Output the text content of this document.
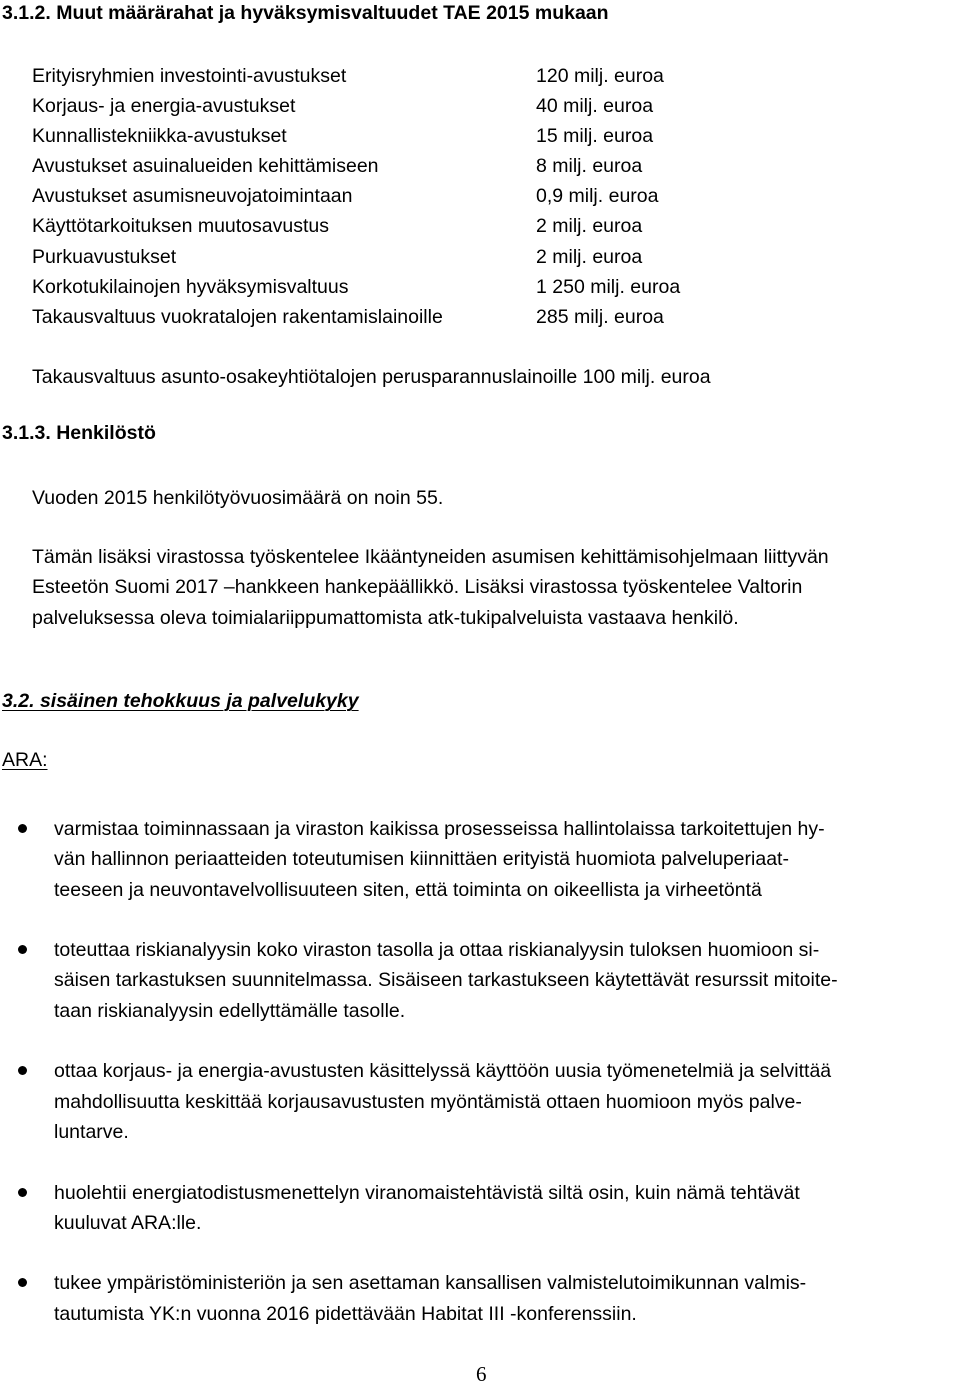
3.1.2. Muut määrärahat ja hyväksymisvaltuudet TAE 2015 mukaan
Erityisryhmien investointi-avustukset	120 milj. euroa
Korjaus- ja energia-avustukset	40 milj. euroa
Kunnallistekniikka-avustukset	15 milj. euroa
Avustukset asuinalueiden kehittämiseen	8 milj. euroa
Avustukset asumisneuvojatoimintaan	0,9 milj. euroa
Käyttötarkoituksen muutosavustus	2 milj. euroa
Purkuavustukset	2 milj. euroa
Korkotukilainojen hyväksymisvaltuus	1 250 milj. euroa
Takausvaltuus vuokratalojen rakentamislainoille	285 milj. euroa
Takausvaltuus asunto-osakeyhtiötalojen perusparannuslainoille 100 milj. euroa
3.1.3. Henkilöstö
Vuoden 2015 henkilötyövuosimäärä on noin 55.
Tämän lisäksi virastossa työskentelee Ikääntyneiden asumisen kehittämisohjelmaan liittyvän
Esteetön Suomi 2017 –hankkeen hankepäällikkö. Lisäksi virastossa työskentelee Valtorin
palveluksessa oleva toimialariippumattomista atk-tukipalveluista vastaava henkilö.
3.2. sisäinen tehokkuus ja palvelukyky
ARA:
varmistaa toiminnassaan ja viraston kaikissa prosesseissa hallintolaissa tarkoitettujen hy-
vän hallinnon periaatteiden toteutumisen kiinnittäen erityistä huomiota palveluperiaat-
teeseen ja neuvontavelvollisuuteen siten, että toiminta on oikeellista ja virheetöntä
toteuttaa riskianalyysin koko viraston tasolla ja ottaa riskianalyysin tuloksen huomioon si-
säisen tarkastuksen suunnitelmassa. Sisäiseen tarkastukseen käytettävät resurssit mitoite-
taan riskianalyysin edellyttämälle tasolle.
ottaa korjaus- ja energia-avustusten käsittelyssä käyttöön uusia työmenetelmiä ja selvittää
mahdollisuutta keskittää korjausavustusten myöntämistä ottaen huomioon myös palve-
luntarve.
huolehtii energiatodistusmenettelyn viranomaistehtävistä siltä osin, kuin nämä tehtävät
kuuluvat ARA:lle.
tukee ympäristöministeriön ja sen asettaman kansallisen valmistelutoimikunnan valmis-
tautumista YK:n vuonna 2016 pidettävään Habitat III -konferenssiin.
6
